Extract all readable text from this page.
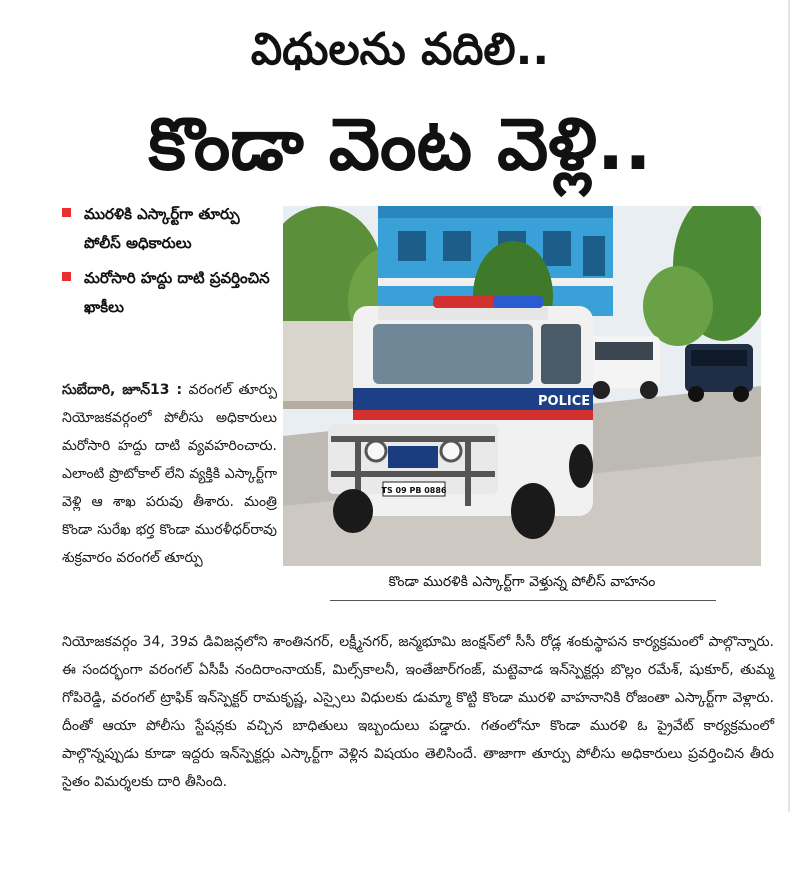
విధులను వదిలి..
కొండా వెంట వెళ్లి..
మురళికి ఎస్కార్ట్‌గా తూర్పు పోలీస్ అధికారులు
మరోసారి హద్దు దాటి ప్రవర్తించిన ఖాకీలు
POLICE
TS 09 PB 0886
కొండా మురళికి ఎస్కార్ట్‌గా వెళ్తున్న పోలీస్ వాహనం
సుబేదారి, జూన్13 : వరంగల్ తూర్పు నియోజకవర్గంలో పోలీసు అధికారులు మరోసారి హద్దు దాటి వ్యవహరించారు. ఎలాంటి ప్రొటోకాల్ లేని వ్యక్తికి ఎస్కార్ట్‌గా వెళ్లి ఆ శాఖ పరువు తీశారు. మంత్రి కొండా సురేఖ భర్త కొండా మురళీధర్‌రావు శుక్రవారం వరంగల్ తూర్పు
నియోజకవర్గం 34, 39వ డివిజన్లలోని శాంతినగర్, లక్ష్మీనగర్, జన్మభూమి జంక్షన్‌లో సీసీ రోడ్ల శంకుస్థాపన కార్యక్రమంలో పాల్గొన్నారు. ఈ సందర్భంగా వరంగల్ ఏసీపీ నందిరాంనాయక్, మిల్స్‌కాలనీ, ఇంతేజార్‌గంజ్, మట్టెవాడ ఇన్‌స్పెక్టర్లు బొల్లం రమేశ్, షుకూర్, తుమ్మ గోపిరెడ్డి, వరంగల్ ట్రాఫిక్ ఇన్‌స్పెక్టర్ రామకృష్ణ, ఎస్సైలు విధులకు డుమ్మా కొట్టి కొండా మురళి వాహనానికి రోజంతా ఎస్కార్ట్‌గా వెళ్లారు. దీంతో ఆయా పోలీసు స్టేషన్లకు వచ్చిన బాధితులు ఇబ్బందులు పడ్డారు. గతంలోనూ కొండా మురళి ఓ ప్రైవేట్ కార్యక్రమంలో పాల్గొన్నప్పుడు కూడా ఇద్దరు ఇన్‌స్పెక్టర్లు ఎస్కార్ట్‌గా వెళ్లిన విషయం తెలిసిందే. తాజాగా తూర్పు పోలీసు అధికారులు ప్రవర్తించిన తీరు సైతం విమర్శలకు దారి తీసింది.
